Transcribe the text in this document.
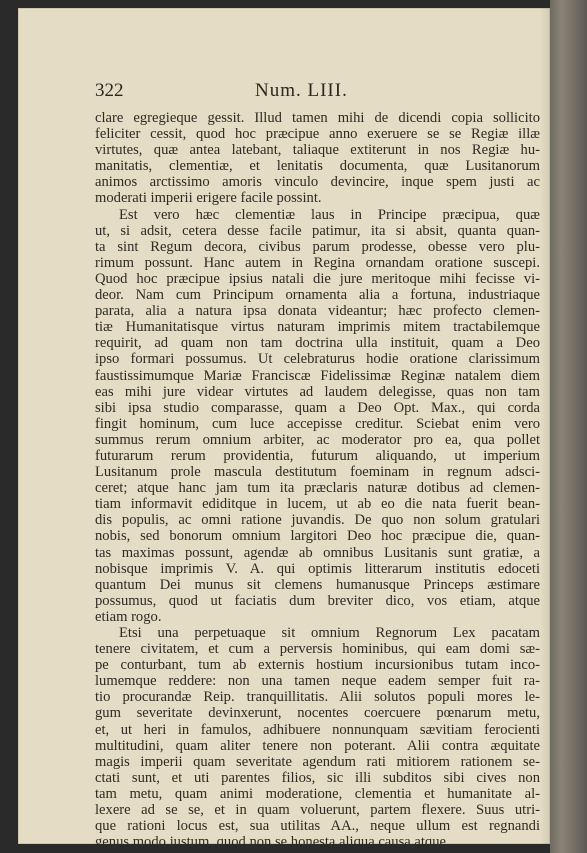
322	Num. LIII.
clare egregieque gessit. Illud tamen mihi de dicendi copia sollicito
feliciter cessit, quod hoc præcipue anno exeruere se se Regiæ illæ
virtutes, quæ antea latebant, taliaque extiterunt in nos Regiæ hu-
manitatis, clementiæ, et lenitatis documenta, quæ Lusitanorum
animos arctissimo amoris vinculo devincire, inque spem justi ac
moderati imperii erigere facile possint.
Est vero hæc clementiæ laus in Principe præcipua, quæ
ut, si adsit, cetera desse facile patimur, ita si absit, quanta quan-
ta sint Regum decora, civibus parum prodesse, obesse vero plu-
rimum possunt. Hanc autem in Regina ornandam oratione suscepi.
Quod hoc præcipue ipsius natali die jure meritoque mihi fecisse vi-
deor. Nam cum Principum ornamenta alia a fortuna, industriaque
parata, alia a natura ipsa donata videantur; hæc profecto clemen-
tiæ Humanitatisque virtus naturam imprimis mitem tractabilemque
requirit, ad quam non tam doctrina ulla instituit, quam a Deo
ipso formari possumus. Ut celebraturus hodie oratione clarissimum
faustissimumque Mariæ Franciscæ Fidelissimæ Reginæ natalem diem
eas mihi jure videar virtutes ad laudem delegisse, quas non tam
sibi ipsa studio comparasse, quam a Deo Opt. Max., qui corda
fingit hominum, cum luce accepisse creditur. Sciebat enim vero
summus rerum omnium arbiter, ac moderator pro ea, qua pollet
futurarum rerum providentia, futurum aliquando, ut imperium
Lusitanum prole mascula destitutum foeminam in regnum adsci-
ceret; atque hanc jam tum ita præclaris naturæ dotibus ad clemen-
tiam informavit ediditque in lucem, ut ab eo die nata fuerit bean-
dis populis, ac omni ratione juvandis. De quo non solum gratulari
nobis, sed bonorum omnium largitori Deo hoc præcipue die, quan-
tas maximas possunt, agendæ ab omnibus Lusitanis sunt gratiæ, a
nobisque imprimis V. A. qui optimis litterarum institutis edoceti
quantum Dei munus sit clemens humanusque Princeps æstimare
possumus, quod ut faciatis dum breviter dico, vos etiam, atque
etiam rogo.
Etsi una perpetuaque sit omnium Regnorum Lex pacatam
tenere civitatem, et cum a perversis hominibus, qui eam domi sæ-
pe conturbant, tum ab externis hostium incursionibus tutam inco-
lumemque reddere: non una tamen neque eadem semper fuit ra-
tio procurandæ Reip. tranquillitatis. Alii solutos populi mores le-
gum severitate devinxerunt, nocentes coercuere pœnarum metu,
et, ut heri in famulos, adhibuere nonnunquam sævitiam ferocienti
multitudini, quam aliter tenere non poterant. Alii contra æquitate
magis imperii quam severitate agendum rati mitiorem rationem se-
ctati sunt, et uti parentes filios, sic illi subditos sibi cives non
tam metu, quam animi moderatione, clementia et humanitate al-
lexere ad se se, et in quam voluerunt, partem flexere. Suus utri-
que rationi locus est, sua utilitas AA., neque ullum est regnandi
genus modo justum, quod non se honesta aliqua causa atque
